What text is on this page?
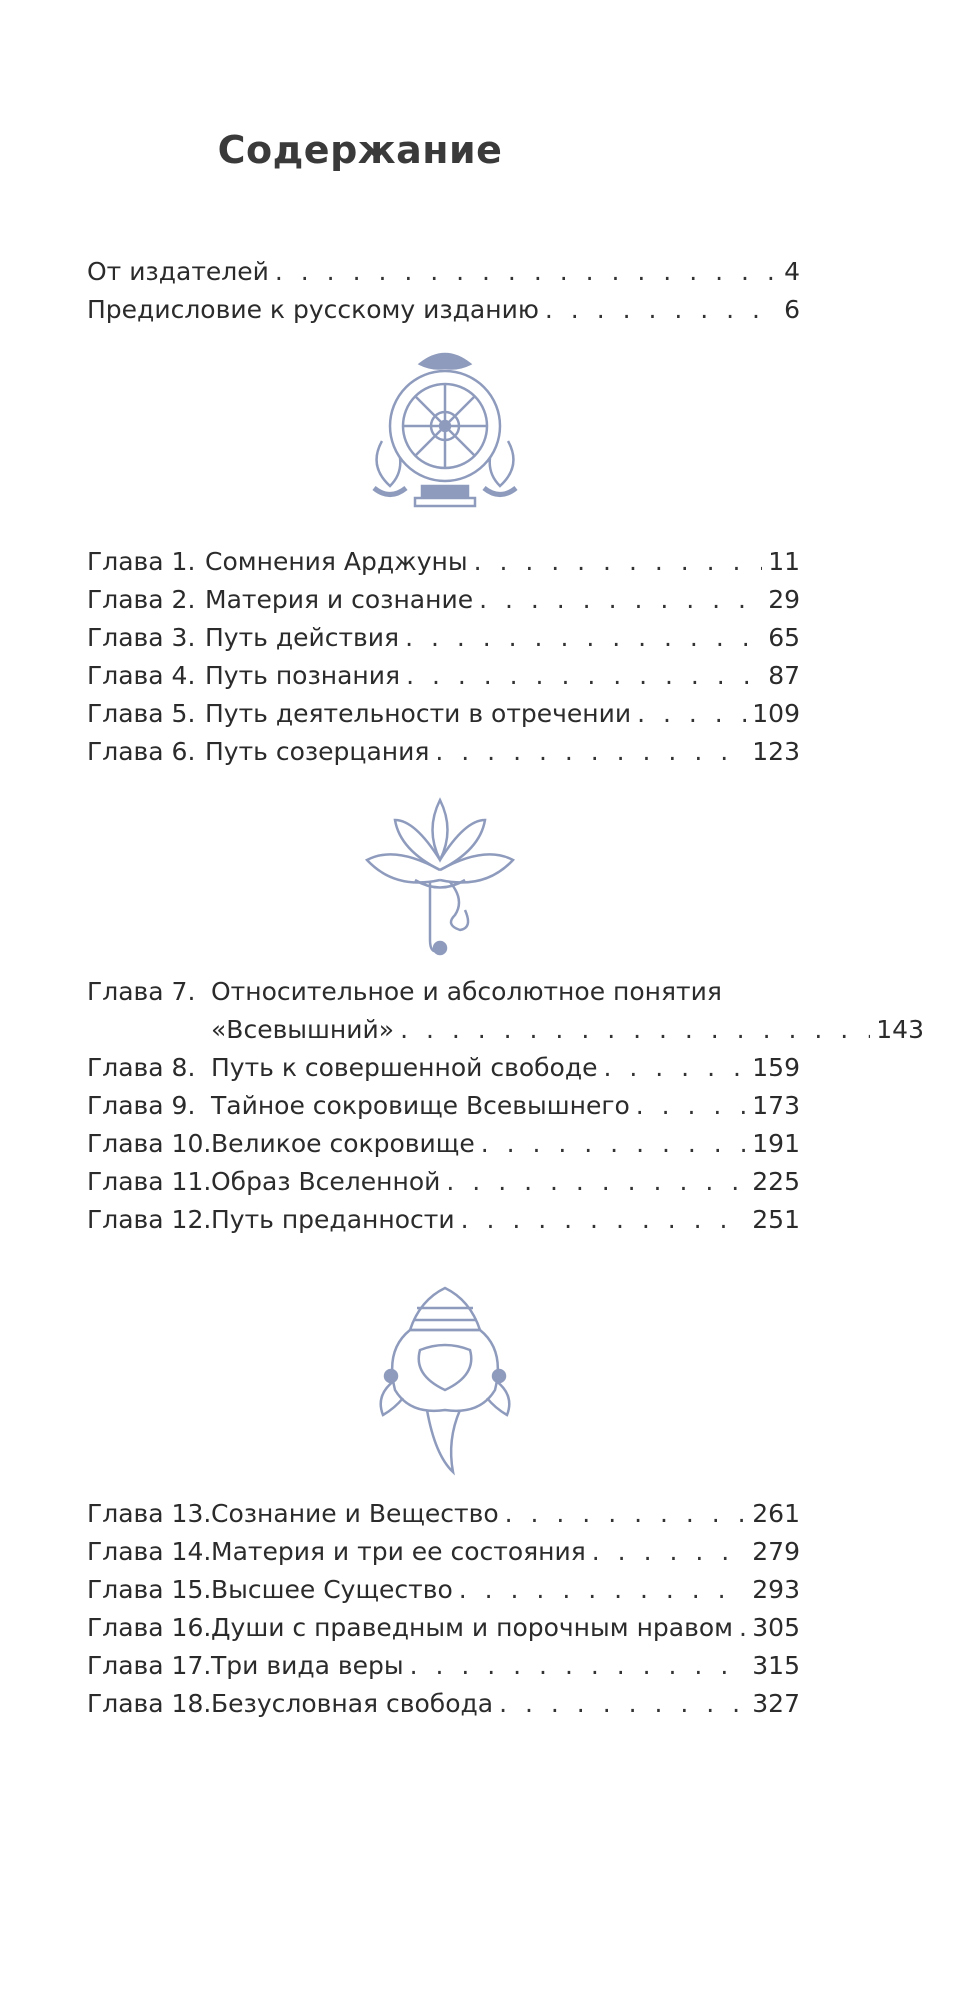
Содержание
От издателей . . .	4
Предисловие к русскому изданию . . .	6
Глава 1. Сомнения Арджуны . . .	11
Глава 2. Материя и сознание . . .	29
Глава 3. Путь действия . . .	65
Глава 4. Путь познания . . .	87
Глава 5. Путь деятельности в отречении . . .	109
Глава 6. Путь созерцания . . .	123
Глава 7. Относительное и абсолютное понятия
«Всевышний» . . .	143
Глава 8. Путь к совершенной свободе . . .	159
Глава 9. Тайное сокровище Всевышнего . . .	173
Глава 10. Великое сокровище . . .	191
Глава 11. Образ Вселенной . . .	225
Глава 12. Путь преданности . . .	251
Глава 13. Сознание и Вещество . . .	261
Глава 14. Материя и три ее состояния . . .	279
Глава 15. Высшее Существо . . .	293
Глава 16. Души с праведным и порочным нравом . . . 305
Глава 17. Три вида веры . . .	315
Глава 18. Безусловная свобода . . .	327
